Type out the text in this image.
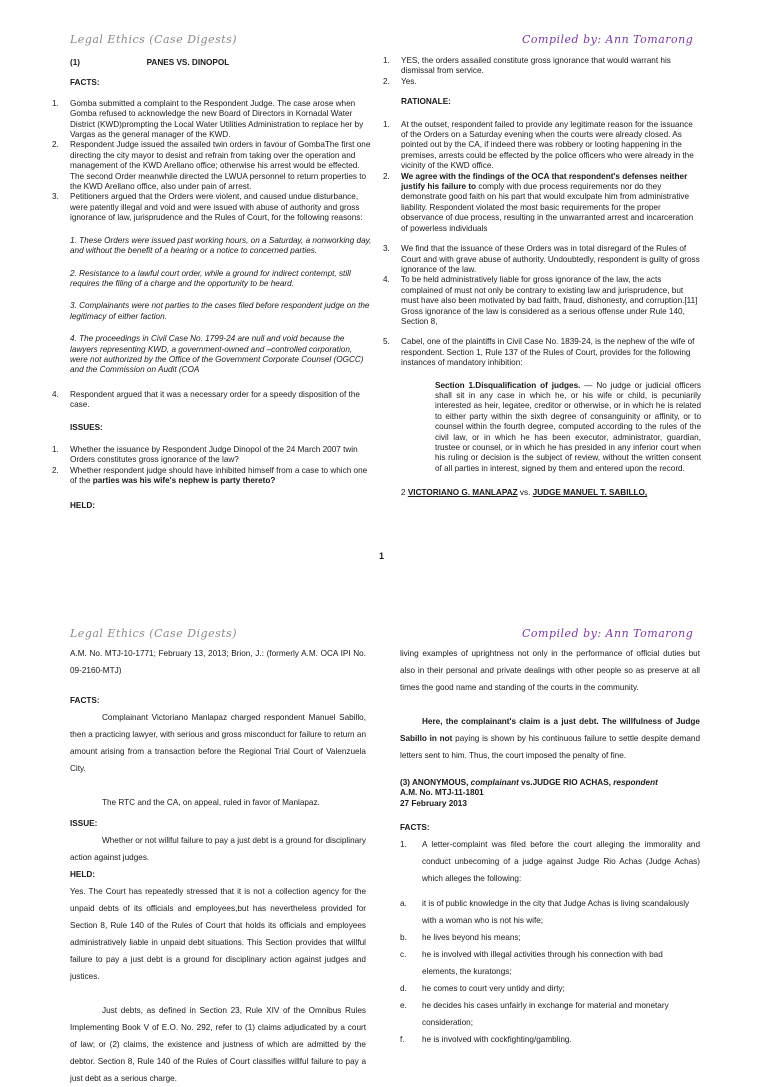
Legal Ethics (Case Digests)	Compiled by: Ann Tomarong

(1)	PANES VS. DINOPOL

FACTS:

1. Gomba submitted a complaint to the Respondent Judge. The case arose when Gomba refused to acknowledge the new Board of Directors in Kornadal Water District (KWD)prompting the Local Water Utilities Administration to replace her by Vargas as the general manager of the KWD.
2. Respondent Judge issued the assailed twin orders in favour of GombaThe first one directing the city mayor to desist and refrain from taking over the operation and management of the KWD Arellano office; otherwise his arrest would be effected. The second Order meanwhile directed the LWUA personnel to return properties to the KWD Arellano office, also under pain of arrest.
3. Petitioners argued that the Orders were violent, and caused undue disturbance, were patently illegal and void and were issued with abuse of authority and gross ignorance of law, jurisprudence and the Rules of Court, for the following reasons:

1. These Orders were issued past working hours, on a Saturday, a nonworking day, and without the benefit of a hearing or a notice to concerned parties.

2. Resistance to a lawful court order, while a ground for indirect contempt, still requires the filing of a charge and the opportunity to be heard.

3. Complainants were not parties to the cases filed before respondent judge on the legitimacy of either faction.

4. The proceedings in Civil Case No. 1799-24 are null and void because the lawyers representing KWD, a government-owned and –controlled corporation, were not authorized by the Office of the Government Corporate Counsel (OGCC) and the Commission on Audit (COA

4. Respondent argued that it was a necessary order for a speedy disposition of the case.

ISSUES:

1. Whether the issuance by Respondent Judge Dinopol of the 24 March 2007 twin Orders constitutes gross ignorance of the law?
2. Whether respondent judge should have inhibited himself from a case to which one of the parties was his wife's nephew is party thereto?

HELD:

1. YES, the orders assailed constitute gross ignorance that would warrant his dismissal from service.
2. Yes.

RATIONALE:

1. At the outset, respondent failed to provide any legitimate reason for the issuance of the Orders on a Saturday evening when the courts were already closed. As pointed out by the CA, if indeed there was robbery or looting happening in the premises, arrests could be effected by the police officers who were already in the vicinity of the KWD office.
2. We agree with the findings of the OCA that respondent's defenses neither justify his failure to comply with due process requirements nor do they demonstrate good faith on his part that would exculpate him from administrative liability. Respondent violated the most basic requirements for the proper observance of due process, resulting in the unwarranted arrest and incarceration of powerless individuals
3. We find that the issuance of these Orders was in total disregard of the Rules of Court and with grave abuse of authority. Undoubtedly, respondent is guilty of gross ignorance of the law.
4. To be held administratively liable for gross ignorance of the law, the acts complained of must not only be contrary to existing law and jurisprudence, but must have also been motivated by bad faith, fraud, dishonesty, and corruption.[11] Gross ignorance of the law is considered as a serious offense under Rule 140, Section 8,
5. Cabel, one of the plaintiffs in Civil Case No. 1839-24, is the nephew of the wife of respondent. Section 1, Rule 137 of the Rules of Court, provides for the following instances of mandatory inhibition:

Section 1.Disqualification of judges. — No judge or judicial officers shall sit in any case in which he, or his wife or child, is pecuniarily interested as heir, legatee, creditor or otherwise, or in which he is related to either party within the sixth degree of consanguinity or affinity, or to counsel within the fourth degree, computed according to the rules of the civil law, or in which he has been executor, administrator, guardian, trustee or counsel, or in which he has presided in any inferior court when his ruling or decision is the subject of review, without the written consent of all parties in interest, signed by them and entered upon the record.

2 VICTORIANO G. MANLAPAZ vs. JUDGE MANUEL T. SABILLO,

1
Legal Ethics (Case Digests)	Compiled by: Ann Tomarong

A.M. No. MTJ-10-1771; February 13, 2013; Brion, J.: (formerly A.M. OCA IPI No. 09-2160-MTJ)

FACTS:

Complainant Victoriano Manlapaz charged respondent Manuel Sabillo, then a practicing lawyer, with serious and gross misconduct for failure to return an amount arising from a transaction before the Regional Trial Court of Valenzuela City.

The RTC and the CA, on appeal, ruled in favor of Manlapaz.

ISSUE:

Whether or not willful failure to pay a just debt is a ground for disciplinary action against judges.

HELD:

Yes. The Court has repeatedly stressed that it is not a collection agency for the unpaid debts of its officials and employees,but has nevertheless provided for Section 8, Rule 140 of the Rules of Court that holds its officials and employees administratively liable in unpaid debt situations. This Section provides that willful failure to pay a just debt is a ground for disciplinary action against judges and justices.

Just debts, as defined in Section 23, Rule XIV of the Omnibus Rules Implementing Book V of E.O. No. 292, refer to (1) claims adjudicated by a court of law; or (2) claims, the existence and justness of which are admitted by the debtor. Section 8, Rule 140 of the Rules of Court classifies willful failure to pay a just debt as a serious charge.

living examples of uprightness not only in the performance of official duties but also in their personal and private dealings with other people so as preserve at all times the good name and standing of the courts in the community.

Here, the complainant's claim is a just debt. The willfulness of Judge Sabillo in not paying is shown by his continuous failure to settle despite demand letters sent to him. Thus, the court imposed the penalty of fine.

(3) ANONYMOUS, complainant vs.JUDGE RIO ACHAS, respondent

A.M. No. MTJ-11-1801

27 February 2013

FACTS:

1. A letter-complaint was filed before the court alleging the immorality and conduct unbecoming of a judge against Judge Rio Achas (Judge Achas) which alleges the following:
a. it is of public knowledge in the city that Judge Achas is living scandalously with a woman who is not his wife;
b. he lives beyond his means;
c. he is involved with illegal activities through his connection with bad elements, the kuratongs;
d. he comes to court very untidy and dirty;
e. he decides his cases unfairly in exchange for material and monetary consideration;
f. he is involved with cockfighting/gambling.
